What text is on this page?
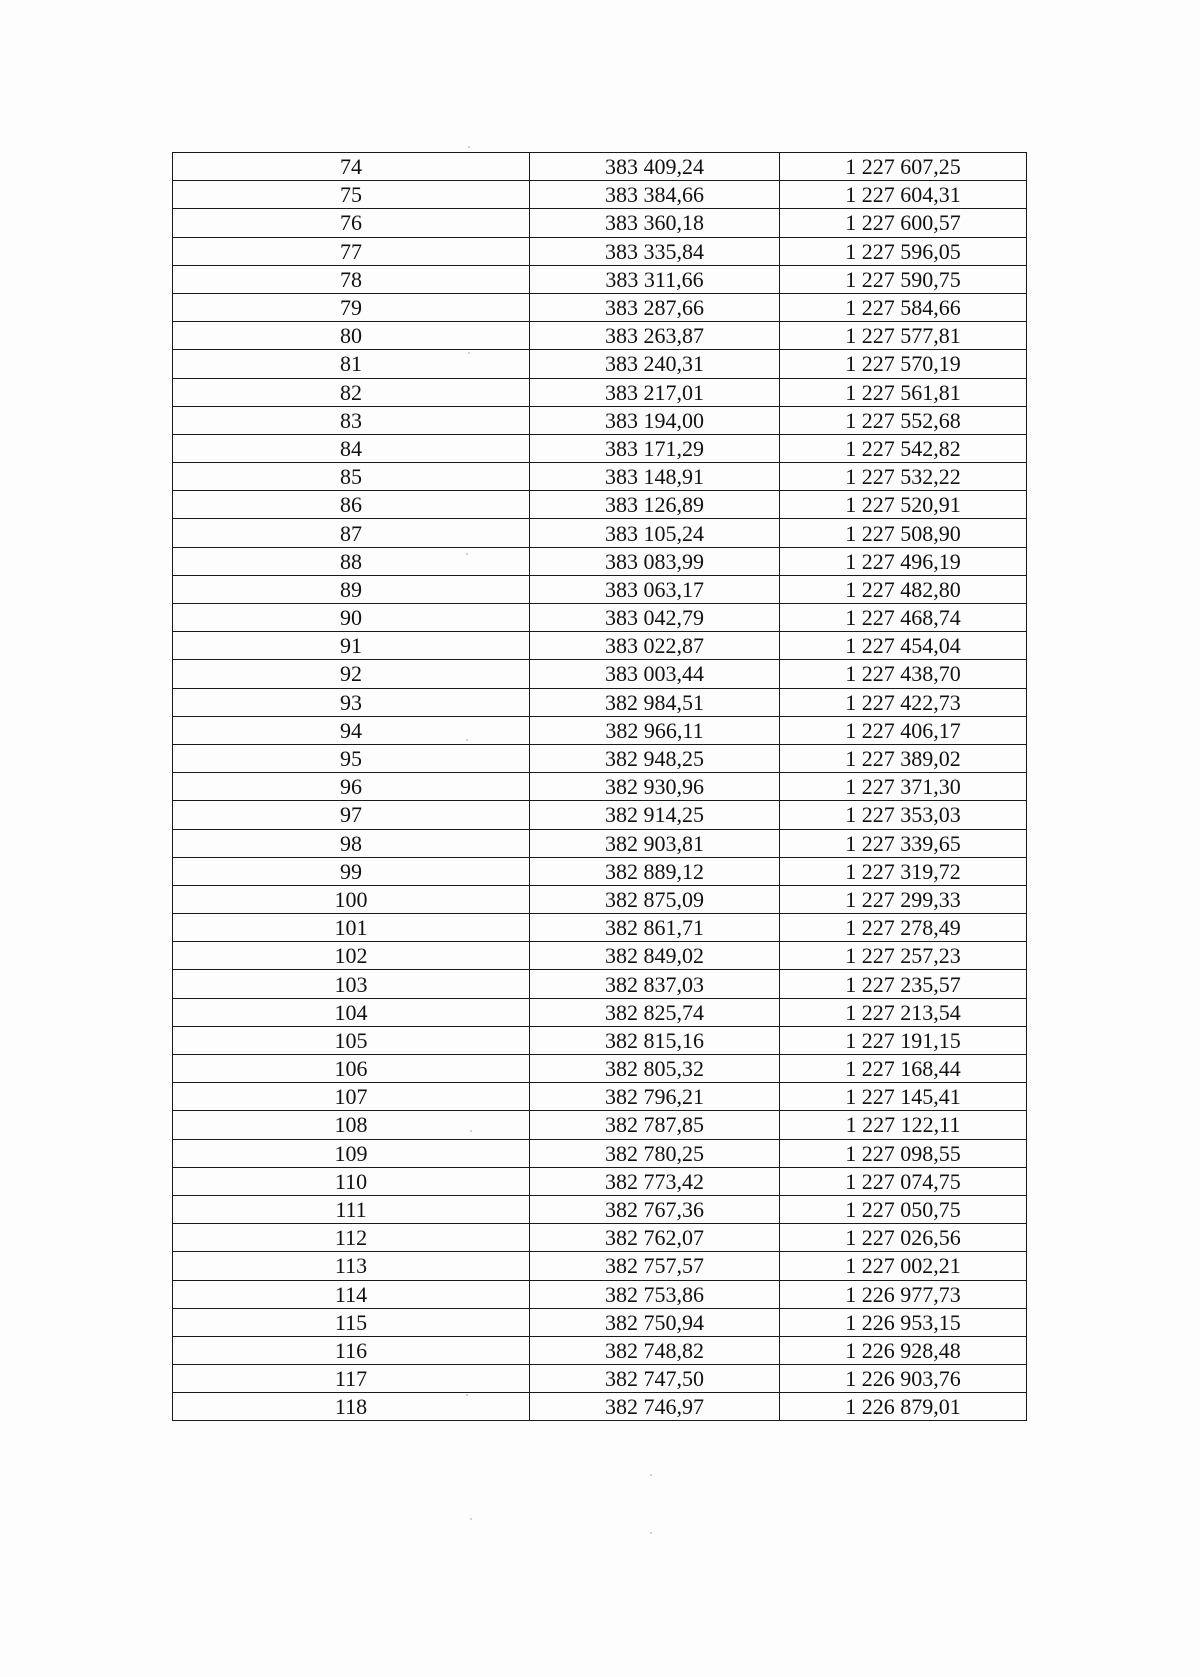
74	383 409,24	1 227 607,25
75	383 384,66	1 227 604,31
76	383 360,18	1 227 600,57
77	383 335,84	1 227 596,05
78	383 311,66	1 227 590,75
79	383 287,66	1 227 584,66
80	383 263,87	1 227 577,81
81	383 240,31	1 227 570,19
82	383 217,01	1 227 561,81
83	383 194,00	1 227 552,68
84	383 171,29	1 227 542,82
85	383 148,91	1 227 532,22
86	383 126,89	1 227 520,91
87	383 105,24	1 227 508,90
88	383 083,99	1 227 496,19
89	383 063,17	1 227 482,80
90	383 042,79	1 227 468,74
91	383 022,87	1 227 454,04
92	383 003,44	1 227 438,70
93	382 984,51	1 227 422,73
94	382 966,11	1 227 406,17
95	382 948,25	1 227 389,02
96	382 930,96	1 227 371,30
97	382 914,25	1 227 353,03
98	382 903,81	1 227 339,65
99	382 889,12	1 227 319,72
100	382 875,09	1 227 299,33
101	382 861,71	1 227 278,49
102	382 849,02	1 227 257,23
103	382 837,03	1 227 235,57
104	382 825,74	1 227 213,54
105	382 815,16	1 227 191,15
106	382 805,32	1 227 168,44
107	382 796,21	1 227 145,41
108	382 787,85	1 227 122,11
109	382 780,25	1 227 098,55
110	382 773,42	1 227 074,75
111	382 767,36	1 227 050,75
112	382 762,07	1 227 026,56
113	382 757,57	1 227 002,21
114	382 753,86	1 226 977,73
115	382 750,94	1 226 953,15
116	382 748,82	1 226 928,48
117	382 747,50	1 226 903,76
118	382 746,97	1 226 879,01
